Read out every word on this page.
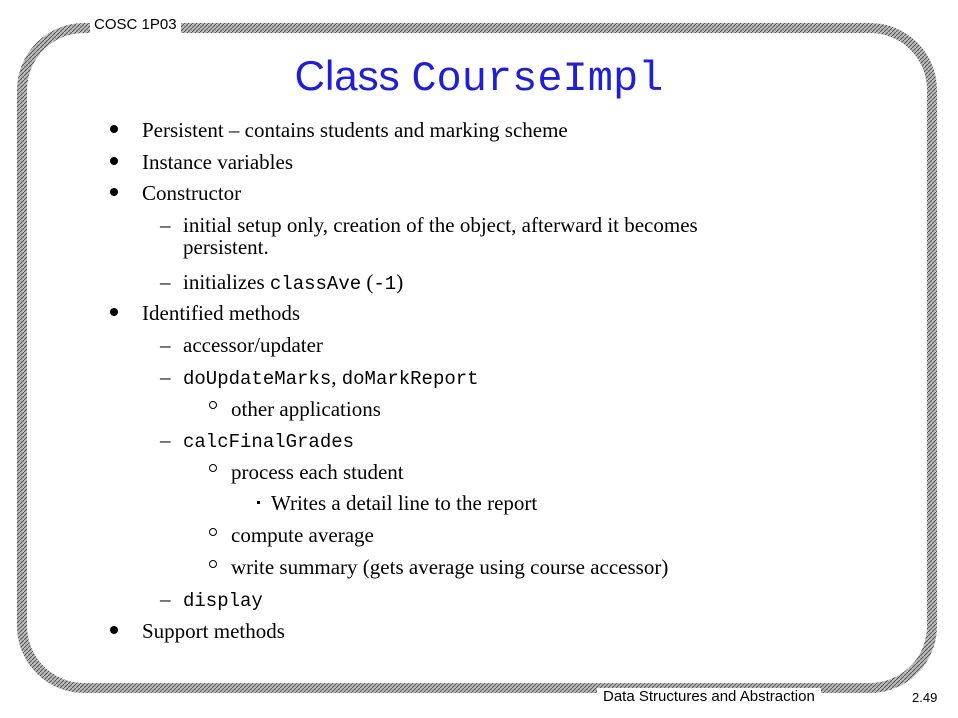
COSC 1P03
Class CourseImpl
Persistent – contains students and marking scheme
Instance variables
Constructor
– initial setup only, creation of the object, afterward it becomes
persistent.
– initializes classAve (-1)
Identified methods
– accessor/updater
– doUpdateMarks, doMarkReport
other applications
– calcFinalGrades
process each student
Writes a detail line to the report
compute average
write summary (gets average using course accessor)
– display
Support methods
Data Structures and Abstraction	2.49
